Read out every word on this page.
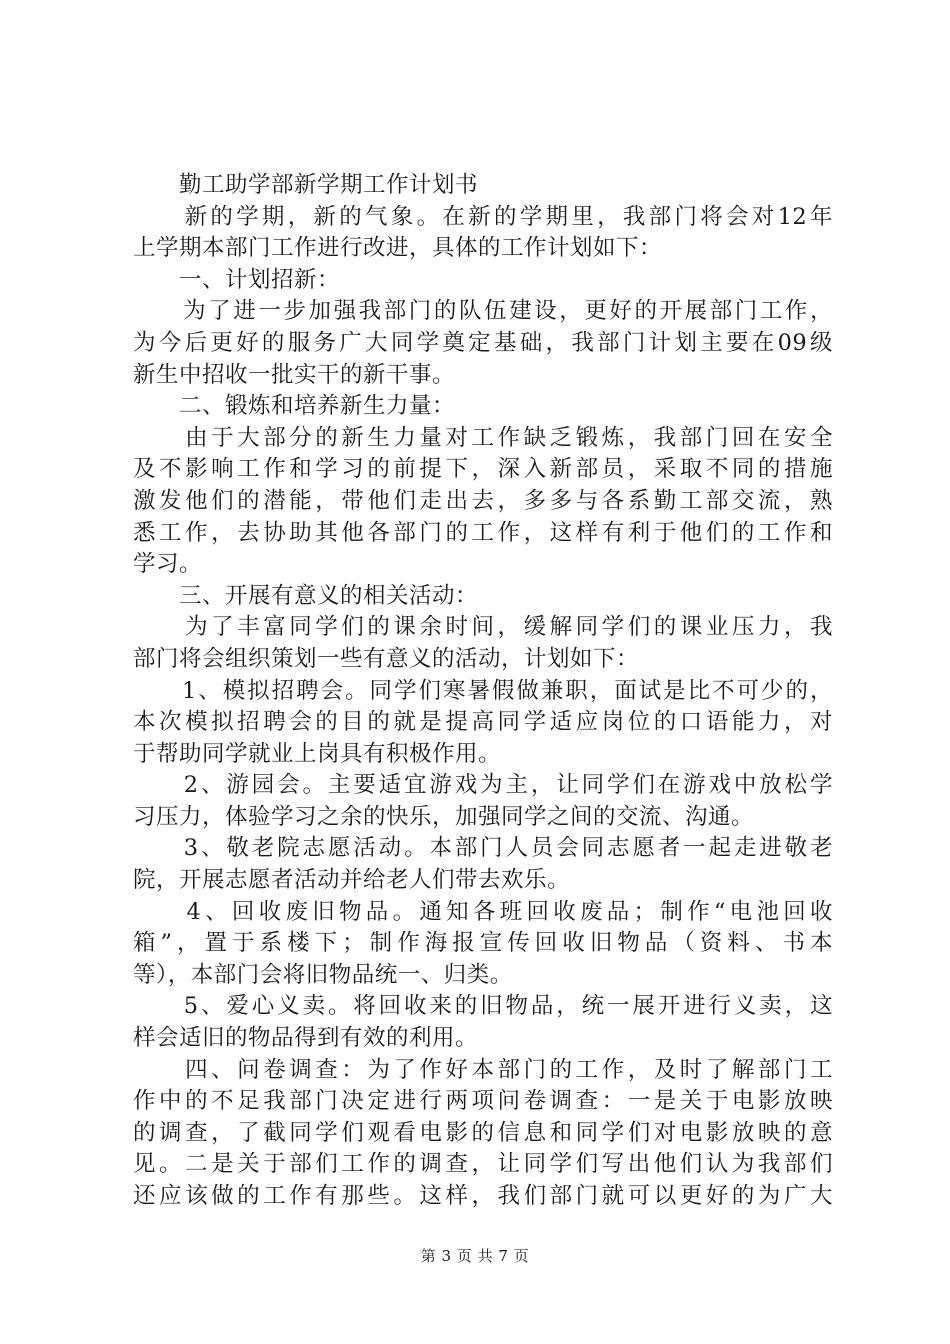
　　勤工助学部新学期工作计划书
　　新的学期，新的气象。在新的学期里，我部门将会对12年
上学期本部门工作进行改进，具体的工作计划如下：
　　一、计划招新：
　　为了进一步加强我部门的队伍建设，更好的开展部门工作，
为今后更好的服务广大同学奠定基础，我部门计划主要在09级
新生中招收一批实干的新干事。
　　二、锻炼和培养新生力量：
　　由于大部分的新生力量对工作缺乏锻炼，我部门回在安全
及不影响工作和学习的前提下，深入新部员，采取不同的措施
激发他们的潜能，带他们走出去，多多与各系勤工部交流，熟
悉工作，去协助其他各部门的工作，这样有利于他们的工作和
学习。
　　三、开展有意义的相关活动：
　　为了丰富同学们的课余时间，缓解同学们的课业压力，我
部门将会组织策划一些有意义的活动，计划如下：
　　1、模拟招聘会。同学们寒暑假做兼职，面试是比不可少的，
本次模拟招聘会的目的就是提高同学适应岗位的口语能力，对
于帮助同学就业上岗具有积极作用。
　　2、游园会。主要适宜游戏为主，让同学们在游戏中放松学
习压力，体验学习之余的快乐，加强同学之间的交流、沟通。
　　3、敬老院志愿活动。本部门人员会同志愿者一起走进敬老
院，开展志愿者活动并给老人们带去欢乐。
　　4、回收废旧物品。通知各班回收废品；制作“电池回收
箱”，置于系楼下；制作海报宣传回收旧物品（资料、书本
等），本部门会将旧物品统一、归类。
　　5、爱心义卖。将回收来的旧物品，统一展开进行义卖，这
样会适旧的物品得到有效的利用。
　　四、问卷调查：为了作好本部门的工作，及时了解部门工
作中的不足我部门决定进行两项问卷调查：一是关于电影放映
的调查，了截同学们观看电影的信息和同学们对电影放映的意
见。二是关于部们工作的调查，让同学们写出他们认为我部们
还应该做的工作有那些。这样，我们部门就可以更好的为广大
第 3 页 共 7 页
